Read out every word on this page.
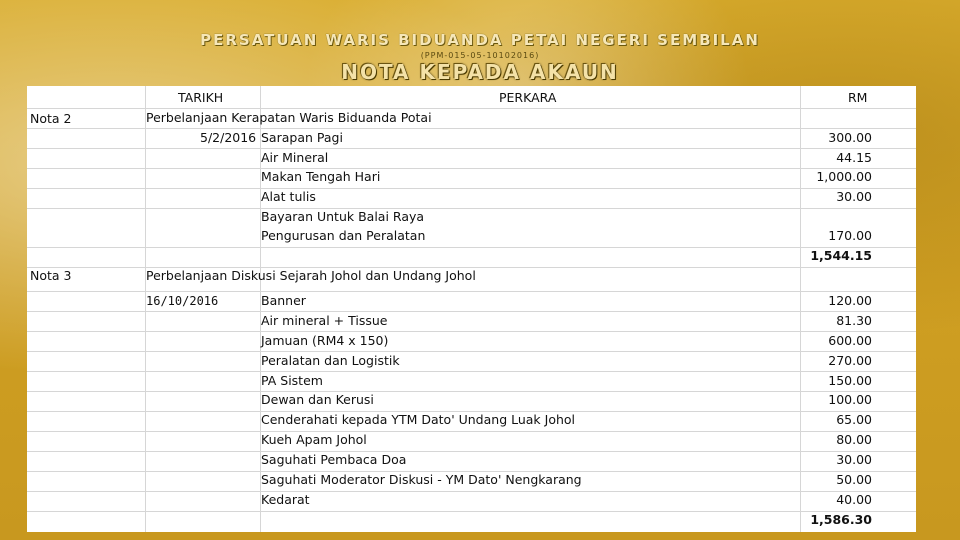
PERSATUAN WARIS BIDUANDA PETAI NEGERI SEMBILAN
(PPM-015-05-10102016)
NOTA KEPADA AKAUN
TARIKH	PERKARA	RM
Nota 2	Perbelanjaan Kerapatan Waris Biduanda Potai
5/2/2016 Sarapan Pagi	300.00
Air Mineral	44.15
Makan Tengah Hari	1,000.00
Alat tulis	30.00
Bayaran Untuk Balai Raya
Pengurusan dan Peralatan	170.00
1,544.15
Nota 3	Perbelanjaan Diskusi Sejarah Johol dan Undang Johol
16/10/2016	Banner	120.00
Air mineral + Tissue	81.30
Jamuan (RM4 x 150)	600.00
Peralatan dan Logistik	270.00
PA Sistem	150.00
Dewan dan Kerusi	100.00
Cenderahati kepada YTM Dato' Undang Luak Johol	65.00
Kueh Apam Johol	80.00
Saguhati Pembaca Doa	30.00
Saguhati Moderator Diskusi - YM Dato' Nengkarang	50.00
Kedarat	40.00
1,586.30
